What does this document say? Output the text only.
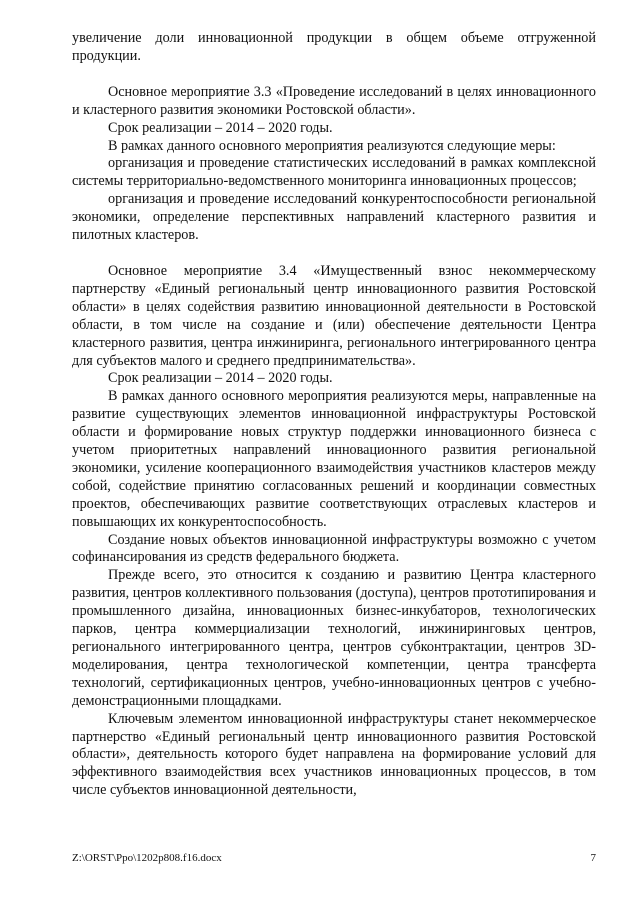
увеличение доли инновационной продукции в общем объеме отгруженной продукции.

Основное мероприятие 3.3 «Проведение исследований в целях инновационного и кластерного развития экономики Ростовской области».

Срок реализации – 2014 – 2020 годы.

В рамках данного основного мероприятия реализуются следующие меры:

организация и проведение статистических исследований в рамках комплексной системы территориально-ведомственного мониторинга инновационных процессов;

организация и проведение исследований конкурентоспособности региональной экономики, определение перспективных направлений кластерного развития и пилотных кластеров.

Основное мероприятие 3.4 «Имущественный взнос некоммерческому партнерству «Единый региональный центр инновационного развития Ростовской области» в целях содействия развитию инновационной деятельности в Ростовской области, в том числе на создание и (или) обеспечение деятельности Центра кластерного развития, центра инжиниринга, регионального интегрированного центра для субъектов малого и среднего предпринимательства».

Срок реализации – 2014 – 2020 годы.

В рамках данного основного мероприятия реализуются меры, направленные на развитие существующих элементов инновационной инфраструктуры Ростовской области и формирование новых структур поддержки инновационного бизнеса с учетом приоритетных направлений инновационного развития региональной экономики, усиление кооперационного взаимодействия участников кластеров между собой, содействие принятию согласованных решений и координации совместных проектов, обеспечивающих развитие соответствующих отраслевых кластеров и повышающих их конкурентоспособность.

Создание новых объектов инновационной инфраструктуры возможно с учетом софинансирования из средств федерального бюджета.

Прежде всего, это относится к созданию и развитию Центра кластерного развития, центров коллективного пользования (доступа), центров прототипирования и промышленного дизайна, инновационных бизнес-инкубаторов, технологических парков, центра коммерциализации технологий, инжиниринговых центров, регионального интегрированного центра, центров субконтрактации, центров 3D-моделирования, центра технологической компетенции, центра трансферта технологий, сертификационных центров, учебно-инновационных центров с учебно-демонстрационными площадками.

Ключевым элементом инновационной инфраструктуры станет некоммерческое партнерство «Единый региональный центр инновационного развития Ростовской области», деятельность которого будет направлена на формирование условий для эффективного взаимодействия всех участников инновационных процессов, в том числе субъектов инновационной деятельности,

Z:\ORST\Ppo\1202p808.f16.docx	7
